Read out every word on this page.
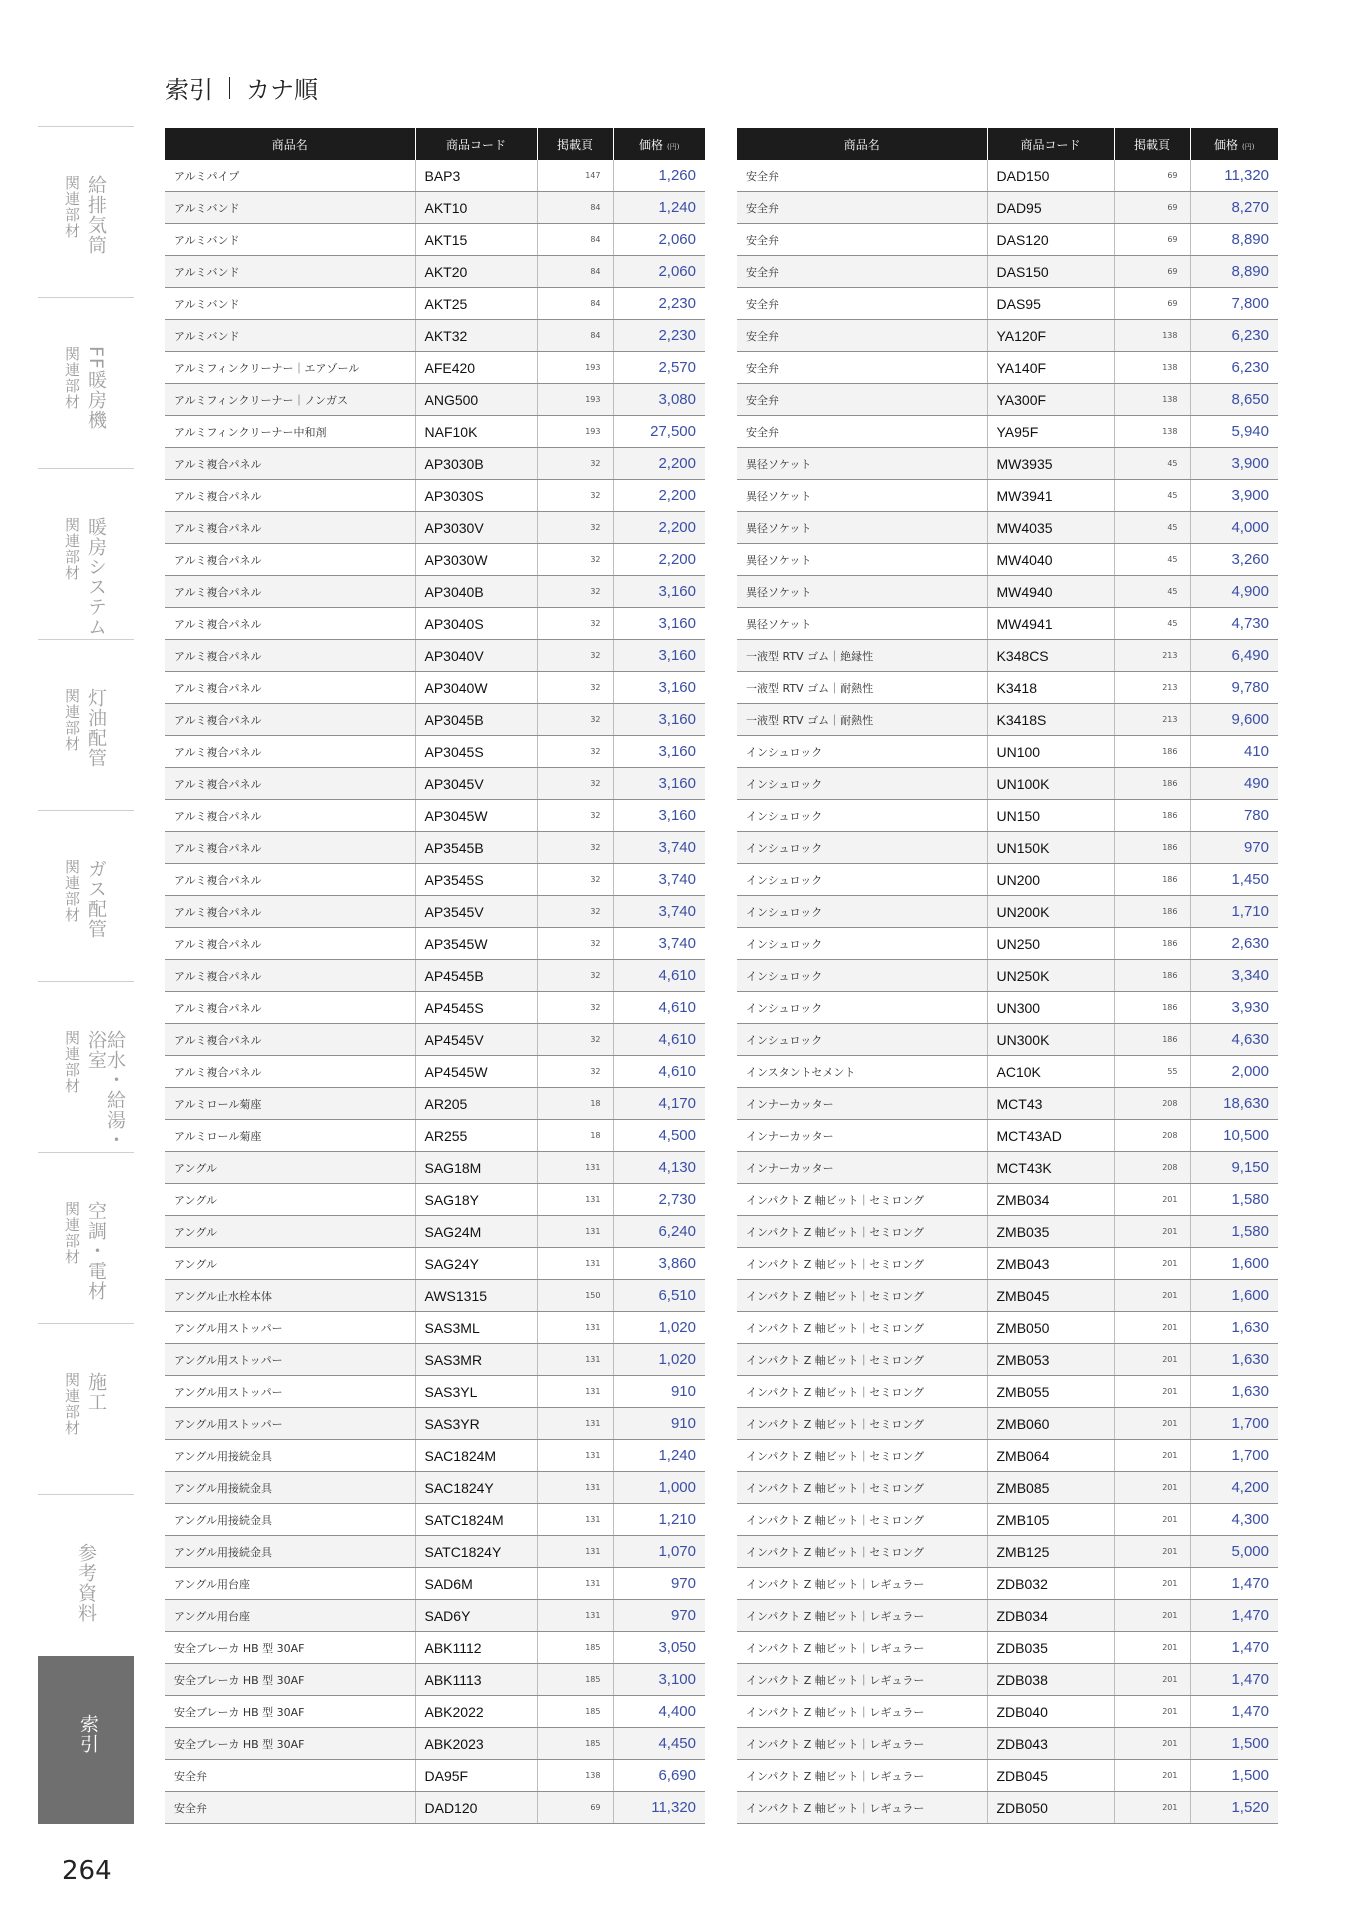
索引 カナ順
給排気筒
関連部材
FF暖房機
関連部材
暖房システム
関連部材
灯油配管
関連部材
ガス配管
関連部材
給水・給湯・浴室
関連部材
空調・電材
関連部材
施工
関連部材
参考資料
索引
商品名	商品コード	掲載頁	価格 (円)
アルミパイプ	BAP3	147	1,260
アルミバンド	AKT10	84	1,240
アルミバンド	AKT15	84	2,060
アルミバンド	AKT20	84	2,060
アルミバンド	AKT25	84	2,230
アルミバンド	AKT32	84	2,230
アルミフィンクリーナー｜エアゾール	AFE420	193	2,570
アルミフィンクリーナー｜ノンガス	ANG500	193	3,080
アルミフィンクリーナー中和剤	NAF10K	193	27,500
アルミ複合パネル	AP3030B	32	2,200
アルミ複合パネル	AP3030S	32	2,200
アルミ複合パネル	AP3030V	32	2,200
アルミ複合パネル	AP3030W	32	2,200
アルミ複合パネル	AP3040B	32	3,160
アルミ複合パネル	AP3040S	32	3,160
アルミ複合パネル	AP3040V	32	3,160
アルミ複合パネル	AP3040W	32	3,160
アルミ複合パネル	AP3045B	32	3,160
アルミ複合パネル	AP3045S	32	3,160
アルミ複合パネル	AP3045V	32	3,160
アルミ複合パネル	AP3045W	32	3,160
アルミ複合パネル	AP3545B	32	3,740
アルミ複合パネル	AP3545S	32	3,740
アルミ複合パネル	AP3545V	32	3,740
アルミ複合パネル	AP3545W	32	3,740
アルミ複合パネル	AP4545B	32	4,610
アルミ複合パネル	AP4545S	32	4,610
アルミ複合パネル	AP4545V	32	4,610
アルミ複合パネル	AP4545W	32	4,610
アルミロール菊座	AR205	18	4,170
アルミロール菊座	AR255	18	4,500
アングル	SAG18M	131	4,130
アングル	SAG18Y	131	2,730
アングル	SAG24M	131	6,240
アングル	SAG24Y	131	3,860
アングル止水栓本体	AWS1315	150	6,510
アングル用ストッパー	SAS3ML	131	1,020
アングル用ストッパー	SAS3MR	131	1,020
アングル用ストッパー	SAS3YL	131	910
アングル用ストッパー	SAS3YR	131	910
アングル用接続金具	SAC1824M	131	1,240
アングル用接続金具	SAC1824Y	131	1,000
アングル用接続金具	SATC1824M	131	1,210
アングル用接続金具	SATC1824Y	131	1,070
アングル用台座	SAD6M	131	970
アングル用台座	SAD6Y	131	970
安全ブレーカ HB 型 30AF	ABK1112	185	3,050
安全ブレーカ HB 型 30AF	ABK1113	185	3,100
安全ブレーカ HB 型 30AF	ABK2022	185	4,400
安全ブレーカ HB 型 30AF	ABK2023	185	4,450
安全弁	DA95F	138	6,690
安全弁	DAD120	69	11,320
商品名	商品コード	掲載頁	価格 (円)
安全弁	DAD150	69	11,320
安全弁	DAD95	69	8,270
安全弁	DAS120	69	8,890
安全弁	DAS150	69	8,890
安全弁	DAS95	69	7,800
安全弁	YA120F	138	6,230
安全弁	YA140F	138	6,230
安全弁	YA300F	138	8,650
安全弁	YA95F	138	5,940
異径ソケット	MW3935	45	3,900
異径ソケット	MW3941	45	3,900
異径ソケット	MW4035	45	4,000
異径ソケット	MW4040	45	3,260
異径ソケット	MW4940	45	4,900
異径ソケット	MW4941	45	4,730
一液型 RTV ゴム｜絶縁性	K348CS	213	6,490
一液型 RTV ゴム｜耐熱性	K3418	213	9,780
一液型 RTV ゴム｜耐熱性	K3418S	213	9,600
インシュロック	UN100	186	410
インシュロック	UN100K	186	490
インシュロック	UN150	186	780
インシュロック	UN150K	186	970
インシュロック	UN200	186	1,450
インシュロック	UN200K	186	1,710
インシュロック	UN250	186	2,630
インシュロック	UN250K	186	3,340
インシュロック	UN300	186	3,930
インシュロック	UN300K	186	4,630
インスタントセメント	AC10K	55	2,000
インナーカッター	MCT43	208	18,630
インナーカッター	MCT43AD	208	10,500
インナーカッター	MCT43K	208	9,150
インパクト Z 軸ビット｜セミロング	ZMB034	201	1,580
インパクト Z 軸ビット｜セミロング	ZMB035	201	1,580
インパクト Z 軸ビット｜セミロング	ZMB043	201	1,600
インパクト Z 軸ビット｜セミロング	ZMB045	201	1,600
インパクト Z 軸ビット｜セミロング	ZMB050	201	1,630
インパクト Z 軸ビット｜セミロング	ZMB053	201	1,630
インパクト Z 軸ビット｜セミロング	ZMB055	201	1,630
インパクト Z 軸ビット｜セミロング	ZMB060	201	1,700
インパクト Z 軸ビット｜セミロング	ZMB064	201	1,700
インパクト Z 軸ビット｜セミロング	ZMB085	201	4,200
インパクト Z 軸ビット｜セミロング	ZMB105	201	4,300
インパクト Z 軸ビット｜セミロング	ZMB125	201	5,000
インパクト Z 軸ビット｜レギュラー	ZDB032	201	1,470
インパクト Z 軸ビット｜レギュラー	ZDB034	201	1,470
インパクト Z 軸ビット｜レギュラー	ZDB035	201	1,470
インパクト Z 軸ビット｜レギュラー	ZDB038	201	1,470
インパクト Z 軸ビット｜レギュラー	ZDB040	201	1,470
インパクト Z 軸ビット｜レギュラー	ZDB043	201	1,500
インパクト Z 軸ビット｜レギュラー	ZDB045	201	1,500
インパクト Z 軸ビット｜レギュラー	ZDB050	201	1,520
264
